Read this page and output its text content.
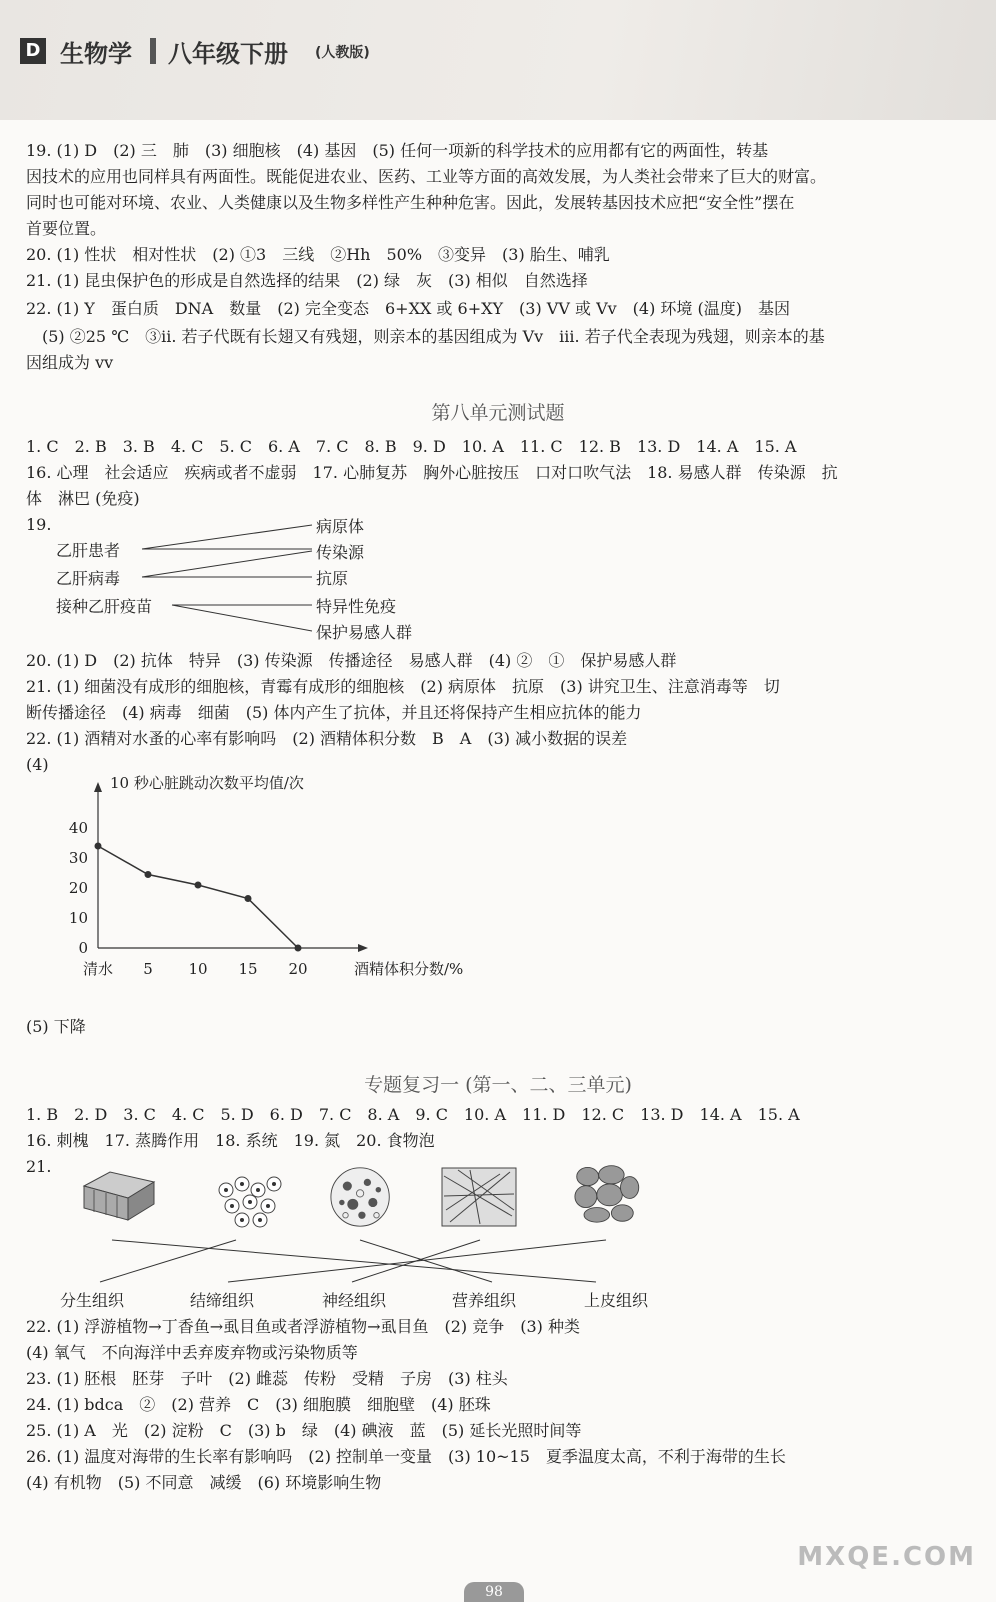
D 生物学 八年级下册 (人教版)
19. (1) D　(2) 三　肺　(3) 细胞核　(4) 基因　(5) 任何一项新的科学技术的应用都有它的两面性，转基
因技术的应用也同样具有两面性。既能促进农业、医药、工业等方面的高效发展，为人类社会带来了巨大的财富。
同时也可能对环境、农业、人类健康以及生物多样性产生种种危害。因此，发展转基因技术应把“安全性”摆在
首要位置。
20. (1) 性状　相对性状　(2) ①3　三线　②Hh　50%　③变异　(3) 胎生、哺乳
21. (1) 昆虫保护色的形成是自然选择的结果　(2) 绿　灰　(3) 相似　自然选择
22. (1) Y　蛋白质　DNA　数量　(2) 完全变态　6+XX 或 6+XY　(3) VV 或 Vv　(4) 环境 (温度)　基因
　(5) ②25 ℃　③ii. 若子代既有长翅又有残翅，则亲本的基因组成为 Vv　iii. 若子代全表现为残翅，则亲本的基
因组成为 vv
第八单元测试题
1. C　2. B　3. B　4. C　5. C　6. A　7. C　8. B　9. D　10. A　11. C　12. B　13. D　14. A　15. A
16. 心理　社会适应　疾病或者不虚弱　17. 心肺复苏　胸外心脏按压　口对口吹气法　18. 易感人群　传染源　抗
体　淋巴 (免疫)
19.
乙肝患者
乙肝病毒
接种乙肝疫苗
病原体
传染源
抗原
特异性免疫
保护易感人群
20. (1) D　(2) 抗体　特异　(3) 传染源　传播途径　易感人群　(4) ②　①　保护易感人群
21. (1) 细菌没有成形的细胞核，青霉有成形的细胞核　(2) 病原体　抗原　(3) 讲究卫生、注意消毒等　切
断传播途径　(4) 病毒　细菌　(5) 体内产生了抗体，并且还将保持产生相应抗体的能力
22. (1) 酒精对水蚤的心率有影响吗　(2) 酒精体积分数　B　A　(3) 减小数据的误差
(4)
0
10
20
30
40
清水 5 10 15 20
10 秒心脏跳动次数平均值/次
酒精体积分数/%
(5) 下降
专题复习一 (第一、二、三单元)
1. B　2. D　3. C　4. C　5. D　6. D　7. C　8. A　9. C　10. A　11. D　12. C　13. D　14. A　15. A
16. 刺槐　17. 蒸腾作用　18. 系统　19. 氮　20. 食物泡
21.
分生组织	结缔组织	神经组织	营养组织	上皮组织
22. (1) 浮游植物→丁香鱼→虱目鱼或者浮游植物→虱目鱼　(2) 竞争　(3) 种类
(4) 氧气　不向海洋中丢弃废弃物或污染物质等
23. (1) 胚根　胚芽　子叶　(2) 雌蕊　传粉　受精　子房　(3) 柱头
24. (1) bdca　②　(2) 营养　C　(3) 细胞膜　细胞壁　(4) 胚珠
25. (1) A　光　(2) 淀粉　C　(3) b　绿　(4) 碘液　蓝　(5) 延长光照时间等
26. (1) 温度对海带的生长率有影响吗　(2) 控制单一变量　(3) 10~15　夏季温度太高，不利于海带的生长
(4) 有机物　(5) 不同意　减缓　(6) 环境影响生物
MXQE.COM
98
